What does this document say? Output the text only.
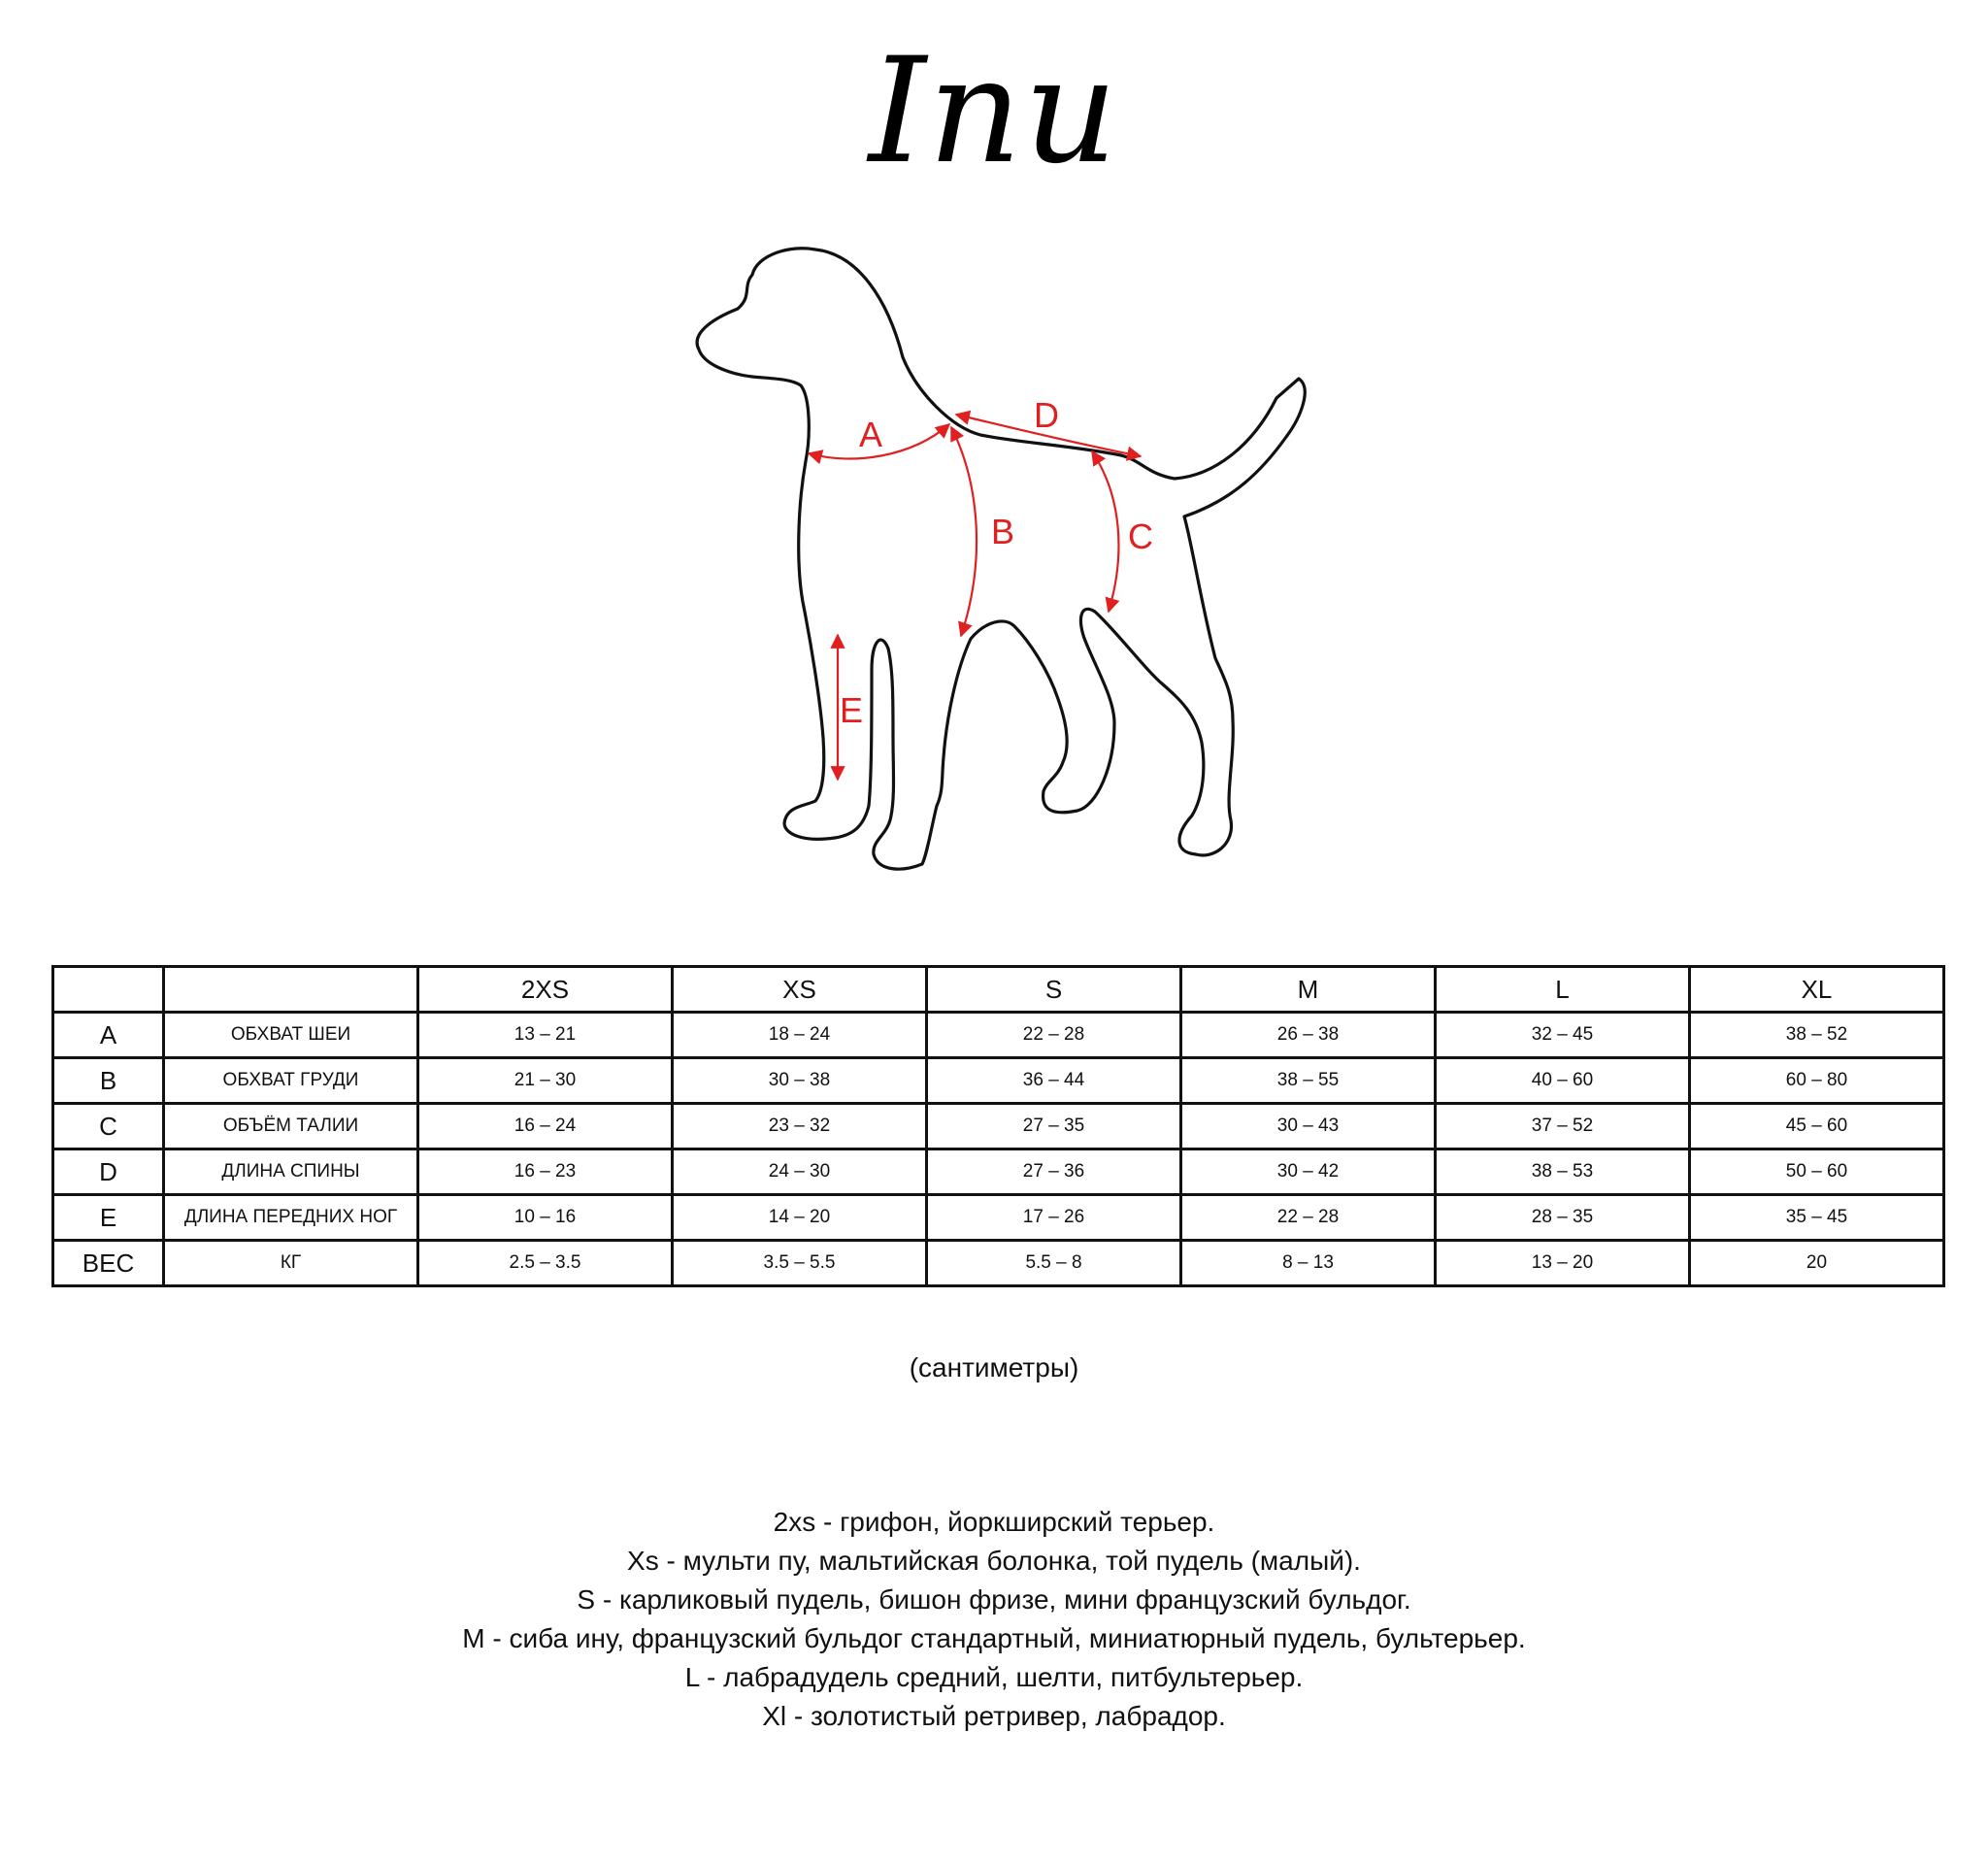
Inu
A	D
B	C
E
		2XS	XS	S	M	L	XL
A	ОБХВАТ ШЕИ	13 – 21	18 – 24	22 – 28	26 – 38	32 – 45	38 – 52
B	ОБХВАТ ГРУДИ	21 – 30	30 – 38	36 – 44	38 – 55	40 – 60	60 – 80
C	ОБЪЁМ ТАЛИИ	16 – 24	23 – 32	27 – 35	30 – 43	37 – 52	45 – 60
D	ДЛИНА СПИНЫ	16 – 23	24 – 30	27 – 36	30 – 42	38 – 53	50 – 60
E	ДЛИНА ПЕРЕДНИХ НОГ	10 – 16	14 – 20	17 – 26	22 – 28	28 – 35	35 – 45
ВЕС	КГ	2.5 – 3.5	3.5 – 5.5	5.5 – 8	8 – 13	13 – 20	20
(сантиметры)
2xs - грифон, йоркширский терьер.
Xs - мульти пу, мальтийская болонка, той пудель (малый).
S - карликовый пудель, бишон фризе, мини французский бульдог.
M - сиба ину, французский бульдог стандартный, миниатюрный пудель, бультерьер.
L - лабрадудель средний, шелти, питбультерьер.
Xl - золотистый ретривер, лабрадор.
